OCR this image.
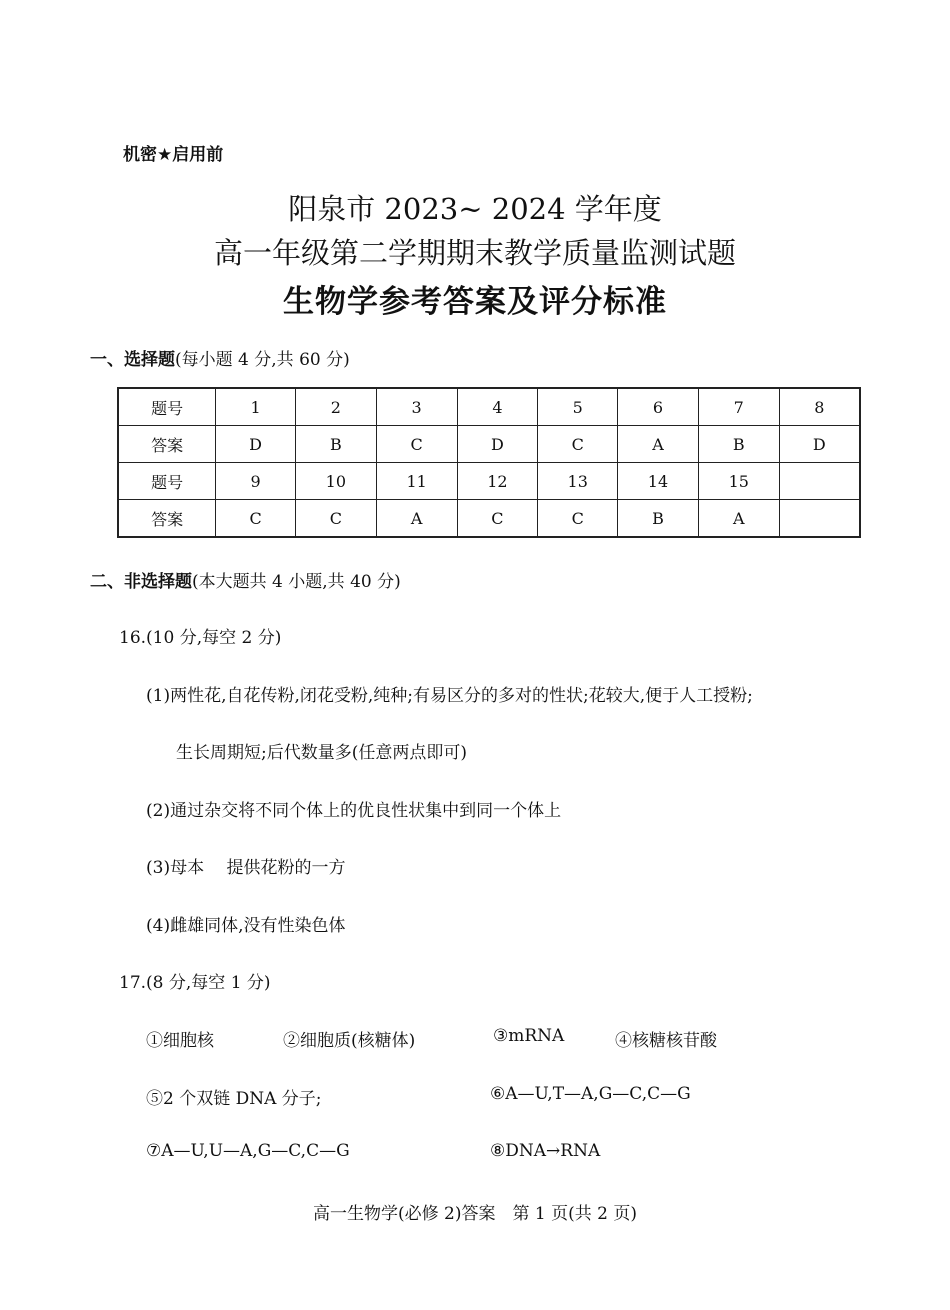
机密★启用前
阳泉市 2023~ 2024 学年度
高一年级第二学期期末教学质量监测试题
生物学参考答案及评分标准
一、选择题(每小题 4 分,共 60 分)
题号	1	2	3	4	5	6	7	8
答案	D	B	C	D	C	A	B	D
题号	9	10	11	12	13	14	15	
答案	C	C	A	C	C	B	A	
二、非选择题(本大题共 4 小题,共 40 分)
16.(10 分,每空 2 分)
(1)两性花,自花传粉,闭花受粉,纯种;有易区分的多对的性状;花较大,便于人工授粉;
生长周期短;后代数量多(任意两点即可)
(2)通过杂交将不同个体上的优良性状集中到同一个体上
(3)母本　 提供花粉的一方
(4)雌雄同体,没有性染色体
17.(8 分,每空 1 分)
①细胞核	②细胞质(核糖体)	③mRNA	④核糖核苷酸
⑤2 个双链 DNA 分子;	⑥A—U,T—A,G—C,C—G
⑦A—U,U—A,G—C,C—G	⑧DNA→RNA
高一生物学(必修 2)答案　第 1 页(共 2 页)
